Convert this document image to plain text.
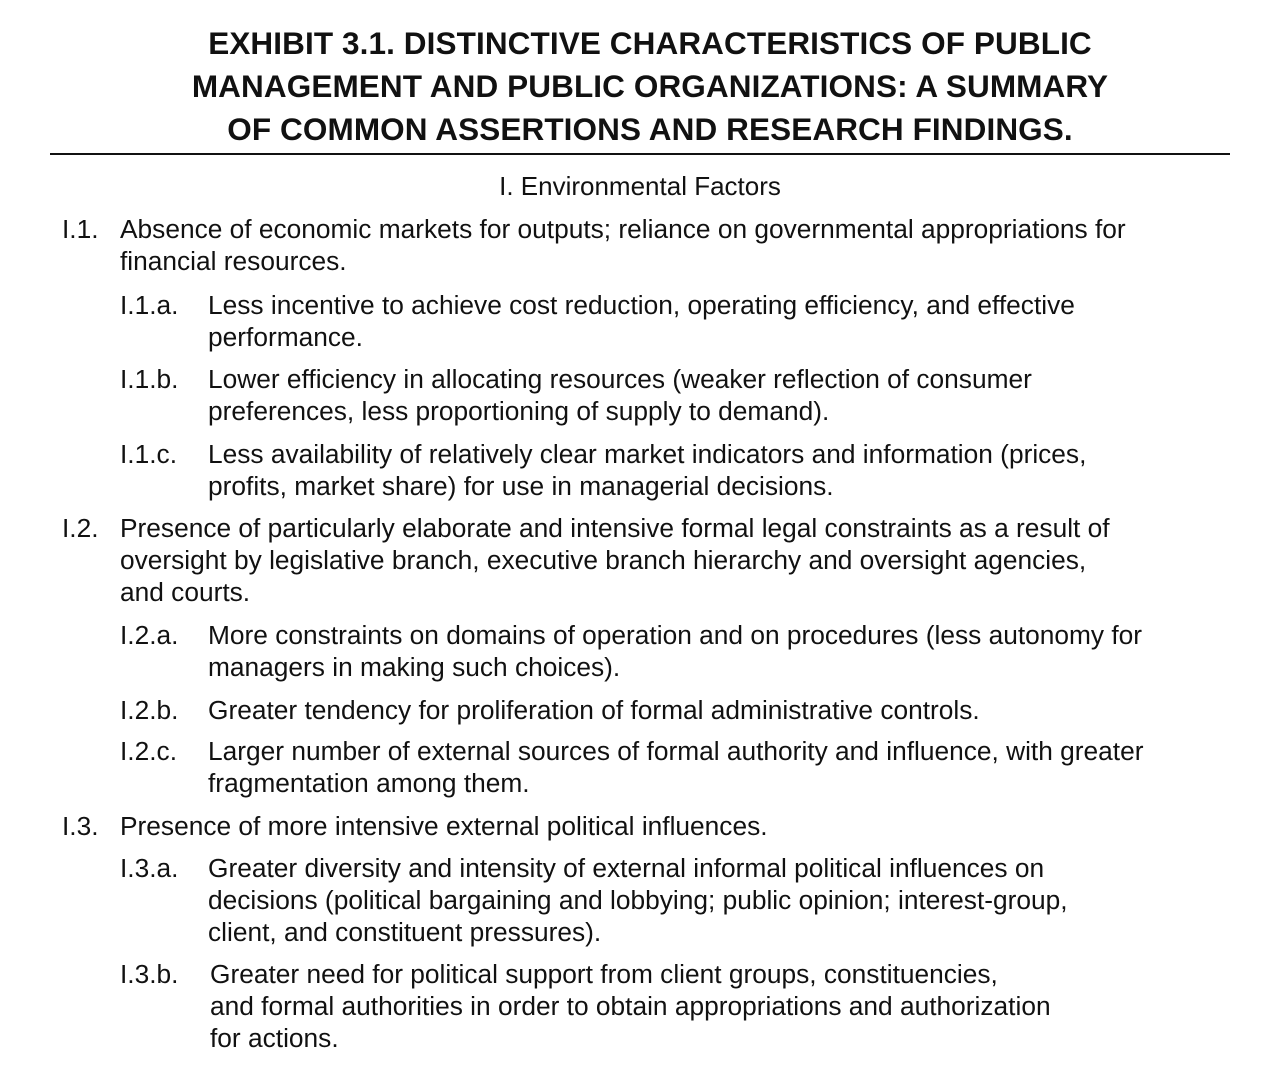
EXHIBIT 3.1. DISTINCTIVE CHARACTERISTICS OF PUBLIC
MANAGEMENT AND PUBLIC ORGANIZATIONS: A SUMMARY
OF COMMON ASSERTIONS AND RESEARCH FINDINGS.
I. Environmental Factors
I.1. Absence of economic markets for outputs; reliance on governmental appropriations for
financial resources.
I.1.a. Less incentive to achieve cost reduction, operating efficiency, and effective
performance.
I.1.b. Lower efficiency in allocating resources (weaker reflection of consumer
preferences, less proportioning of supply to demand).
I.1.c. Less availability of relatively clear market indicators and information (prices,
profits, market share) for use in managerial decisions.
I.2. Presence of particularly elaborate and intensive formal legal constraints as a result of
oversight by legislative branch, executive branch hierarchy and oversight agencies,
and courts.
I.2.a. More constraints on domains of operation and on procedures (less autonomy for
managers in making such choices).
I.2.b. Greater tendency for proliferation of formal administrative controls.
I.2.c. Larger number of external sources of formal authority and influence, with greater
fragmentation among them.
I.3. Presence of more intensive external political influences.
I.3.a. Greater diversity and intensity of external informal political influences on
decisions (political bargaining and lobbying; public opinion; interest-group,
client, and constituent pressures).
I.3.b. Greater need for political support from client groups, constituencies,
and formal authorities in order to obtain appropriations and authorization
for actions.
